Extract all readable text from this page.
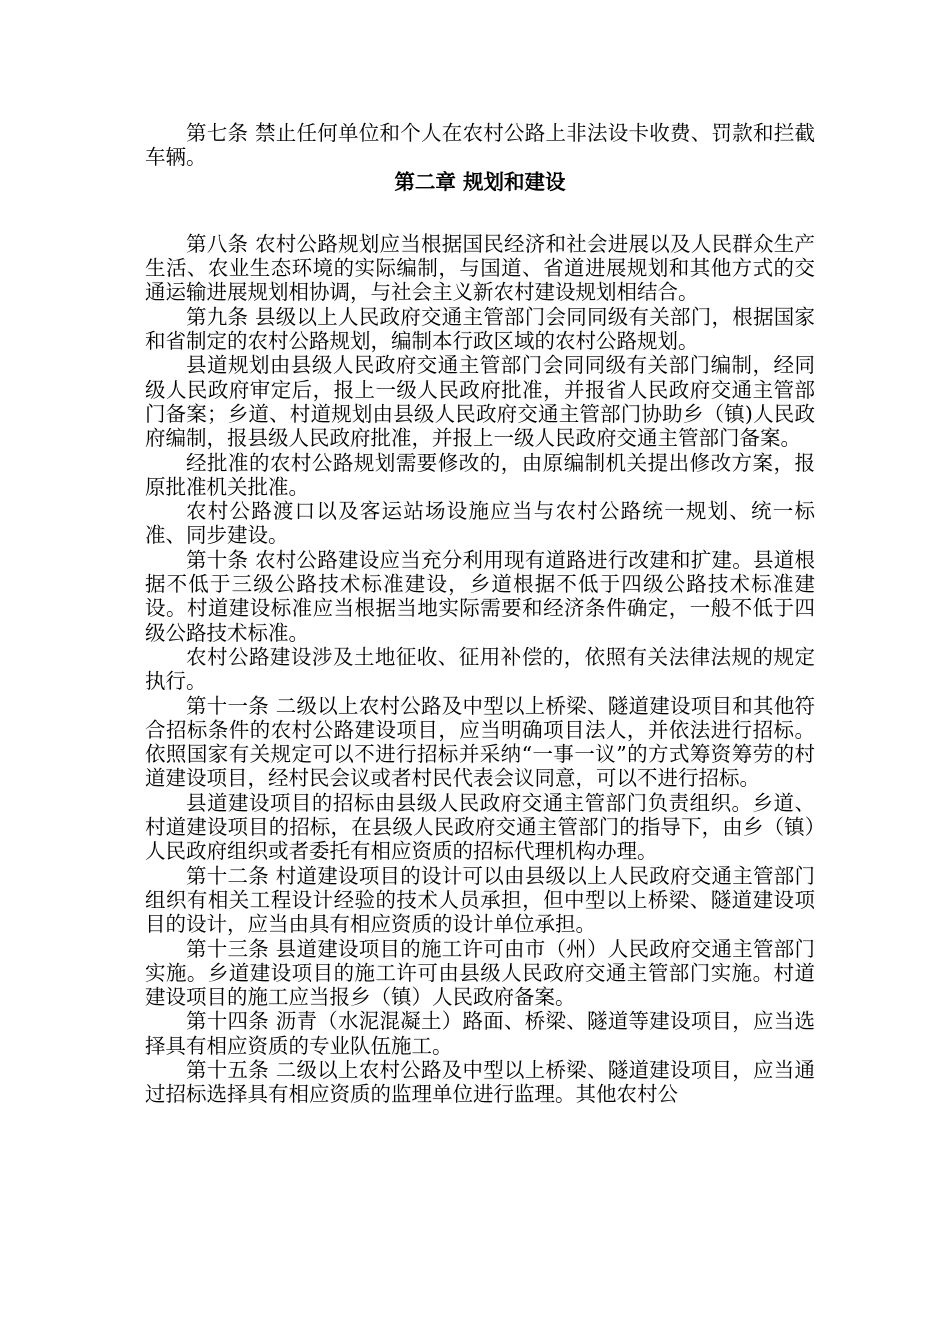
第七条 禁止任何单位和个人在农村公路上非法设卡收费、罚款和拦截车辆。

第二章 规划和建设

第八条 农村公路规划应当根据国民经济和社会进展以及人民群众生产生活、农业生态环境的实际编制，与国道、省道进展规划和其他方式的交通运输进展规划相协调，与社会主义新农村建设规划相结合。

第九条 县级以上人民政府交通主管部门会同同级有关部门，根据国家和省制定的农村公路规划，编制本行政区域的农村公路规划。

县道规划由县级人民政府交通主管部门会同同级有关部门编制，经同级人民政府审定后，报上一级人民政府批准，并报省人民政府交通主管部门备案；乡道、村道规划由县级人民政府交通主管部门协助乡（镇)人民政府编制，报县级人民政府批准，并报上一级人民政府交通主管部门备案。

经批准的农村公路规划需要修改的，由原编制机关提出修改方案，报原批准机关批准。

农村公路渡口以及客运站场设施应当与农村公路统一规划、统一标准、同步建设。

第十条 农村公路建设应当充分利用现有道路进行改建和扩建。县道根据不低于三级公路技术标准建设，乡道根据不低于四级公路技术标准建设。村道建设标准应当根据当地实际需要和经济条件确定，一般不低于四级公路技术标准。

农村公路建设涉及土地征收、征用补偿的，依照有关法律法规的规定执行。

第十一条 二级以上农村公路及中型以上桥梁、隧道建设项目和其他符合招标条件的农村公路建设项目，应当明确项目法人，并依法进行招标。依照国家有关规定可以不进行招标并采纳“一事一议”的方式筹资筹劳的村道建设项目，经村民会议或者村民代表会议同意，可以不进行招标。

县道建设项目的招标由县级人民政府交通主管部门负责组织。乡道、村道建设项目的招标，在县级人民政府交通主管部门的指导下，由乡（镇）人民政府组织或者委托有相应资质的招标代理机构办理。

第十二条 村道建设项目的设计可以由县级以上人民政府交通主管部门组织有相关工程设计经验的技术人员承担，但中型以上桥梁、隧道建设项目的设计，应当由具有相应资质的设计单位承担。

第十三条 县道建设项目的施工许可由市（州）人民政府交通主管部门实施。乡道建设项目的施工许可由县级人民政府交通主管部门实施。村道建设项目的施工应当报乡（镇）人民政府备案。

第十四条 沥青（水泥混凝土）路面、桥梁、隧道等建设项目，应当选择具有相应资质的专业队伍施工。

第十五条 二级以上农村公路及中型以上桥梁、隧道建设项目，应当通过招标选择具有相应资质的监理单位进行监理。其他农村公
